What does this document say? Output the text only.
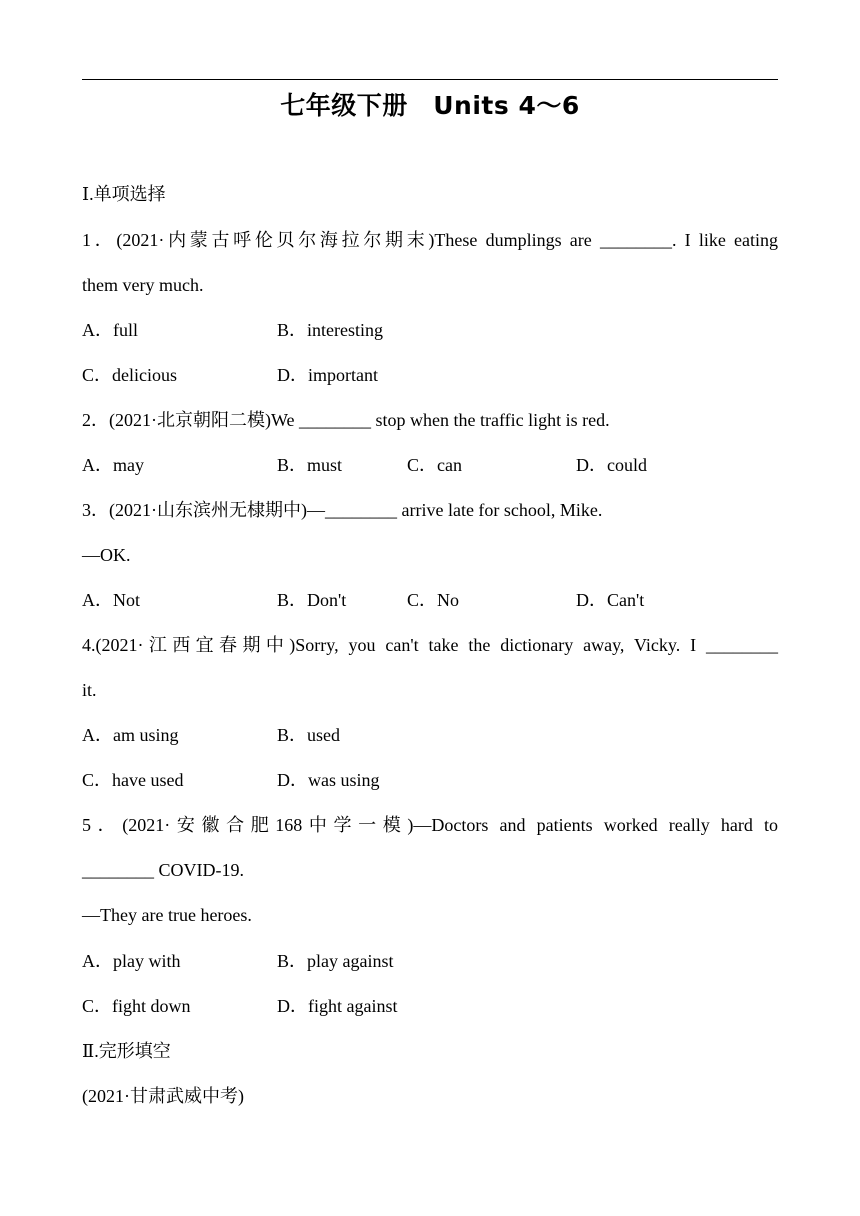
七年级下册　Units 4～6
Ⅰ.单项选择
1．(2021·内蒙古呼伦贝尔海拉尔期末)These dumplings are ________. I like eating
them very much.
A．full	B．interesting
C．delicious	D．important
2．(2021·北京朝阳二模)We ________ stop when the traffic light is red.
A．may	B．must	C．can	D．could
3．(2021·山东滨州无棣期中)—________ arrive late for school, Mike.
—OK.
A．Not	B．Don't	C．No	D．Can't
4.(2021·江西宜春期中)Sorry, you can't take the dictionary away, Vicky. I ________
it.
A．am using	B．used
C．have used	D．was using
5．(2021·安徽合肥168中学一模)—Doctors and patients worked really hard to
________ COVID-19.
—They are true heroes.
A．play with	B．play against
C．fight down	D．fight against
Ⅱ.完形填空
(2021·甘肃武威中考)
